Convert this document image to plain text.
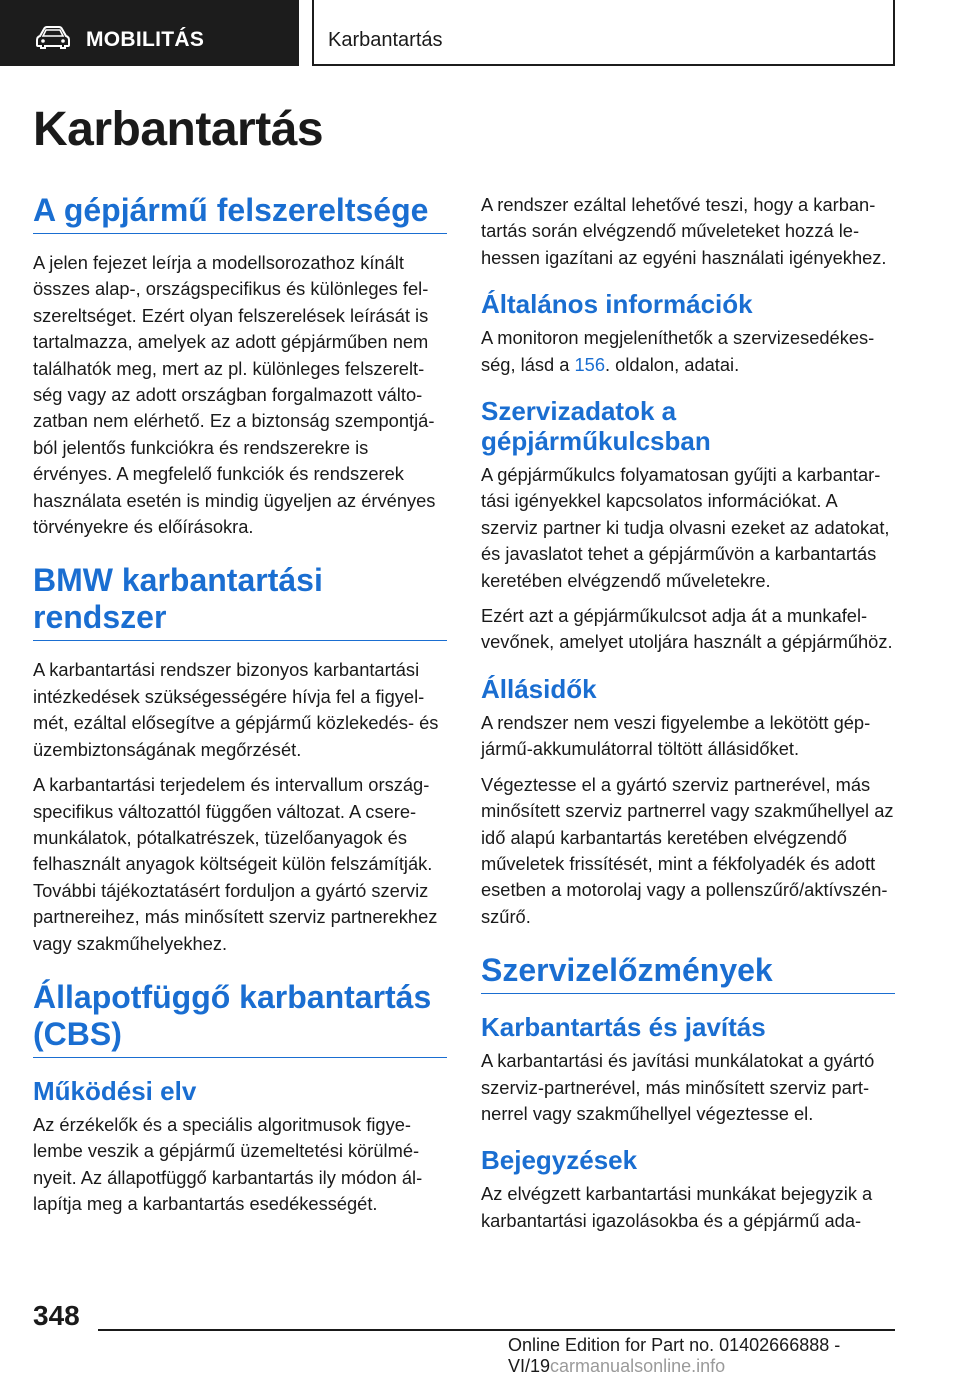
MOBILITÁS	Karbantartás
Karbantartás
A gépjármű felszereltsége

A jelen fejezet leírja a modellsorozathoz kínált összes alap-, országspecifikus és különleges felszereltséget. Ezért olyan felszerelések leírását is tartalmazza, amelyek az adott gépjárműben nem találhatók meg, mert az pl. különleges felszereltség vagy az adott országban forgalmazott változatban nem elérhető. Ez a biztonság szempontjából jelentős funkciókra és rendszerekre is érvényes. A megfelelő funkciók és rendszerek használata esetén is mindig ügyeljen az érvényes törvényekre és előírásokra.

BMW karbantartási rendszer

A karbantartási rendszer bizonyos karbantartási intézkedések szükségességére hívja fel a figyelmét, ezáltal elősegítve a gépjármű közlekedés- és üzembiztonságának megőrzését.

A karbantartási terjedelem és intervallum országspecifikus változattól függően változat. A cseremunkálatok, pótalkatrészek, tüzelőanyagok és felhasznált anyagok költségeit külön felszámítják. További tájékoztatásért forduljon a gyártó szerviz partnereihez, más minősített szerviz partnerekhez vagy szakműhelyekhez.

Állapotfüggő karbantartás (CBS)
Működési elv

Az érzékelők és a speciális algoritmusok figyelembe veszik a gépjármű üzemeltetési körülményeit. Az állapotfüggő karbantartás ily módon állapítja meg a karbantartás esedékességét.

A rendszer ezáltal lehetővé teszi, hogy a karbantartás során elvégzendő műveleteket hozzá lehessen igazítani az egyéni használati igényekhez.

Általános információk

A monitoron megjeleníthetők a szervizesedékesség, lásd a 156. oldalon, adatai.

Szervizadatok a gépjárműkulcsban

A gépjárműkulcs folyamatosan gyűjti a karbantartási igényekkel kapcsolatos információkat. A szerviz partner ki tudja olvasni ezeket az adatokat, és javaslatot tehet a gépjárművön a karbantartás keretében elvégzendő műveletekre.

Ezért azt a gépjárműkulcsot adja át a munkafelvevőnek, amelyet utoljára használt a gépjárműhöz.

Állásidők

A rendszer nem veszi figyelembe a lekötött gépjármű-akkumulátorral töltött állásidőket.

Végeztesse el a gyártó szerviz partnerével, más minősített szerviz partnerrel vagy szakműhellyel az idő alapú karbantartás keretében elvégzendő műveletek frissítését, mint a fékfolyadék és adott esetben a motorolaj vagy a pollenszűrő/aktívszén-szűrő.

Szervizelőzmények
Karbantartás és javítás

A karbantartási és javítási munkálatokat a gyártó szerviz-partnerével, más minősített szerviz partnerrel vagy szakműhellyel végeztesse el.

Bejegyzések

Az elvégzett karbantartási munkákat bejegyzik a karbantartási igazolásokba és a gépjármű ada-

348
Online Edition for Part no. 01402666888 - VI/19carmanualsonline.info
